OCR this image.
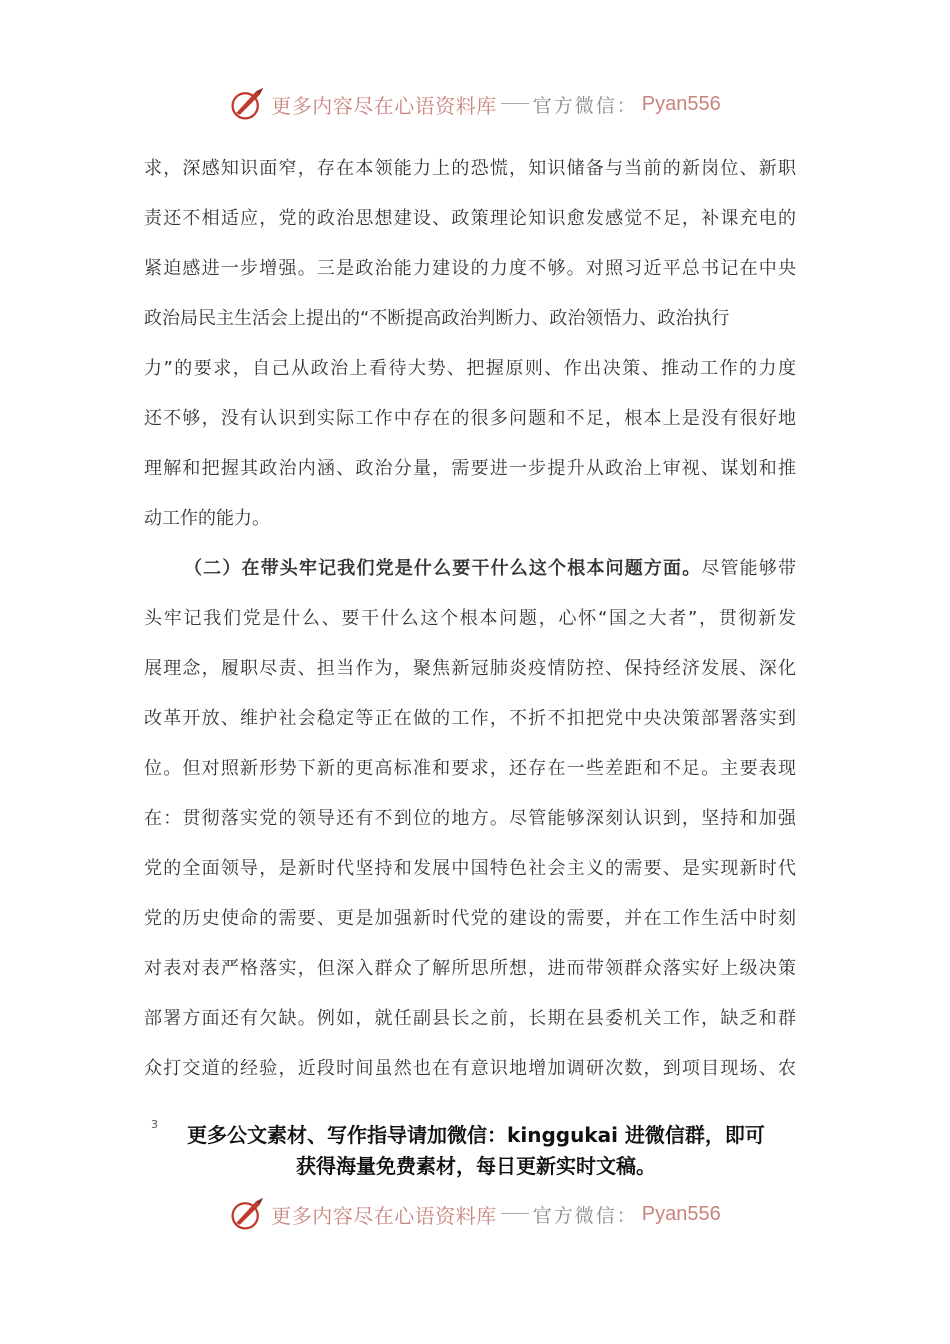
更多内容尽在心语资料库 官方微信： Pyan556
求，深感知识面窄，存在本领能力上的恐慌，知识储备与当前的新岗位、新职
责还不相适应，党的政治思想建设、政策理论知识愈发感觉不足，补课充电的
紧迫感进一步增强。三是政治能力建设的力度不够。对照习近平总书记在中央
政治局民主生活会上提出的“不断提高政治判断力、政治领悟力、政治执行
力”的要求，自己从政治上看待大势、把握原则、作出决策、推动工作的力度
还不够，没有认识到实际工作中存在的很多问题和不足，根本上是没有很好地
理解和把握其政治内涵、政治分量，需要进一步提升从政治上审视、谋划和推
动工作的能力。
（二）在带头牢记我们党是什么要干什么这个根本问题方面。尽管能够带
头牢记我们党是什么、要干什么这个根本问题，心怀“国之大者”，贯彻新发
展理念，履职尽责、担当作为，聚焦新冠肺炎疫情防控、保持经济发展、深化
改革开放、维护社会稳定等正在做的工作，不折不扣把党中央决策部署落实到
位。但对照新形势下新的更高标准和要求，还存在一些差距和不足。主要表现
在：贯彻落实党的领导还有不到位的地方。尽管能够深刻认识到，坚持和加强
党的全面领导，是新时代坚持和发展中国特色社会主义的需要、是实现新时代
党的历史使命的需要、更是加强新时代党的建设的需要，并在工作生活中时刻
对表对表严格落实，但深入群众了解所思所想，进而带领群众落实好上级决策
部署方面还有欠缺。例如，就任副县长之前，长期在县委机关工作，缺乏和群
众打交道的经验，近段时间虽然也在有意识地增加调研次数，到项目现场、农
3	更多公文素材、写作指导请加微信：kinggukai 进微信群，即可
获得海量免费素材，每日更新实时文稿。
更多内容尽在心语资料库 官方微信： Pyan556
